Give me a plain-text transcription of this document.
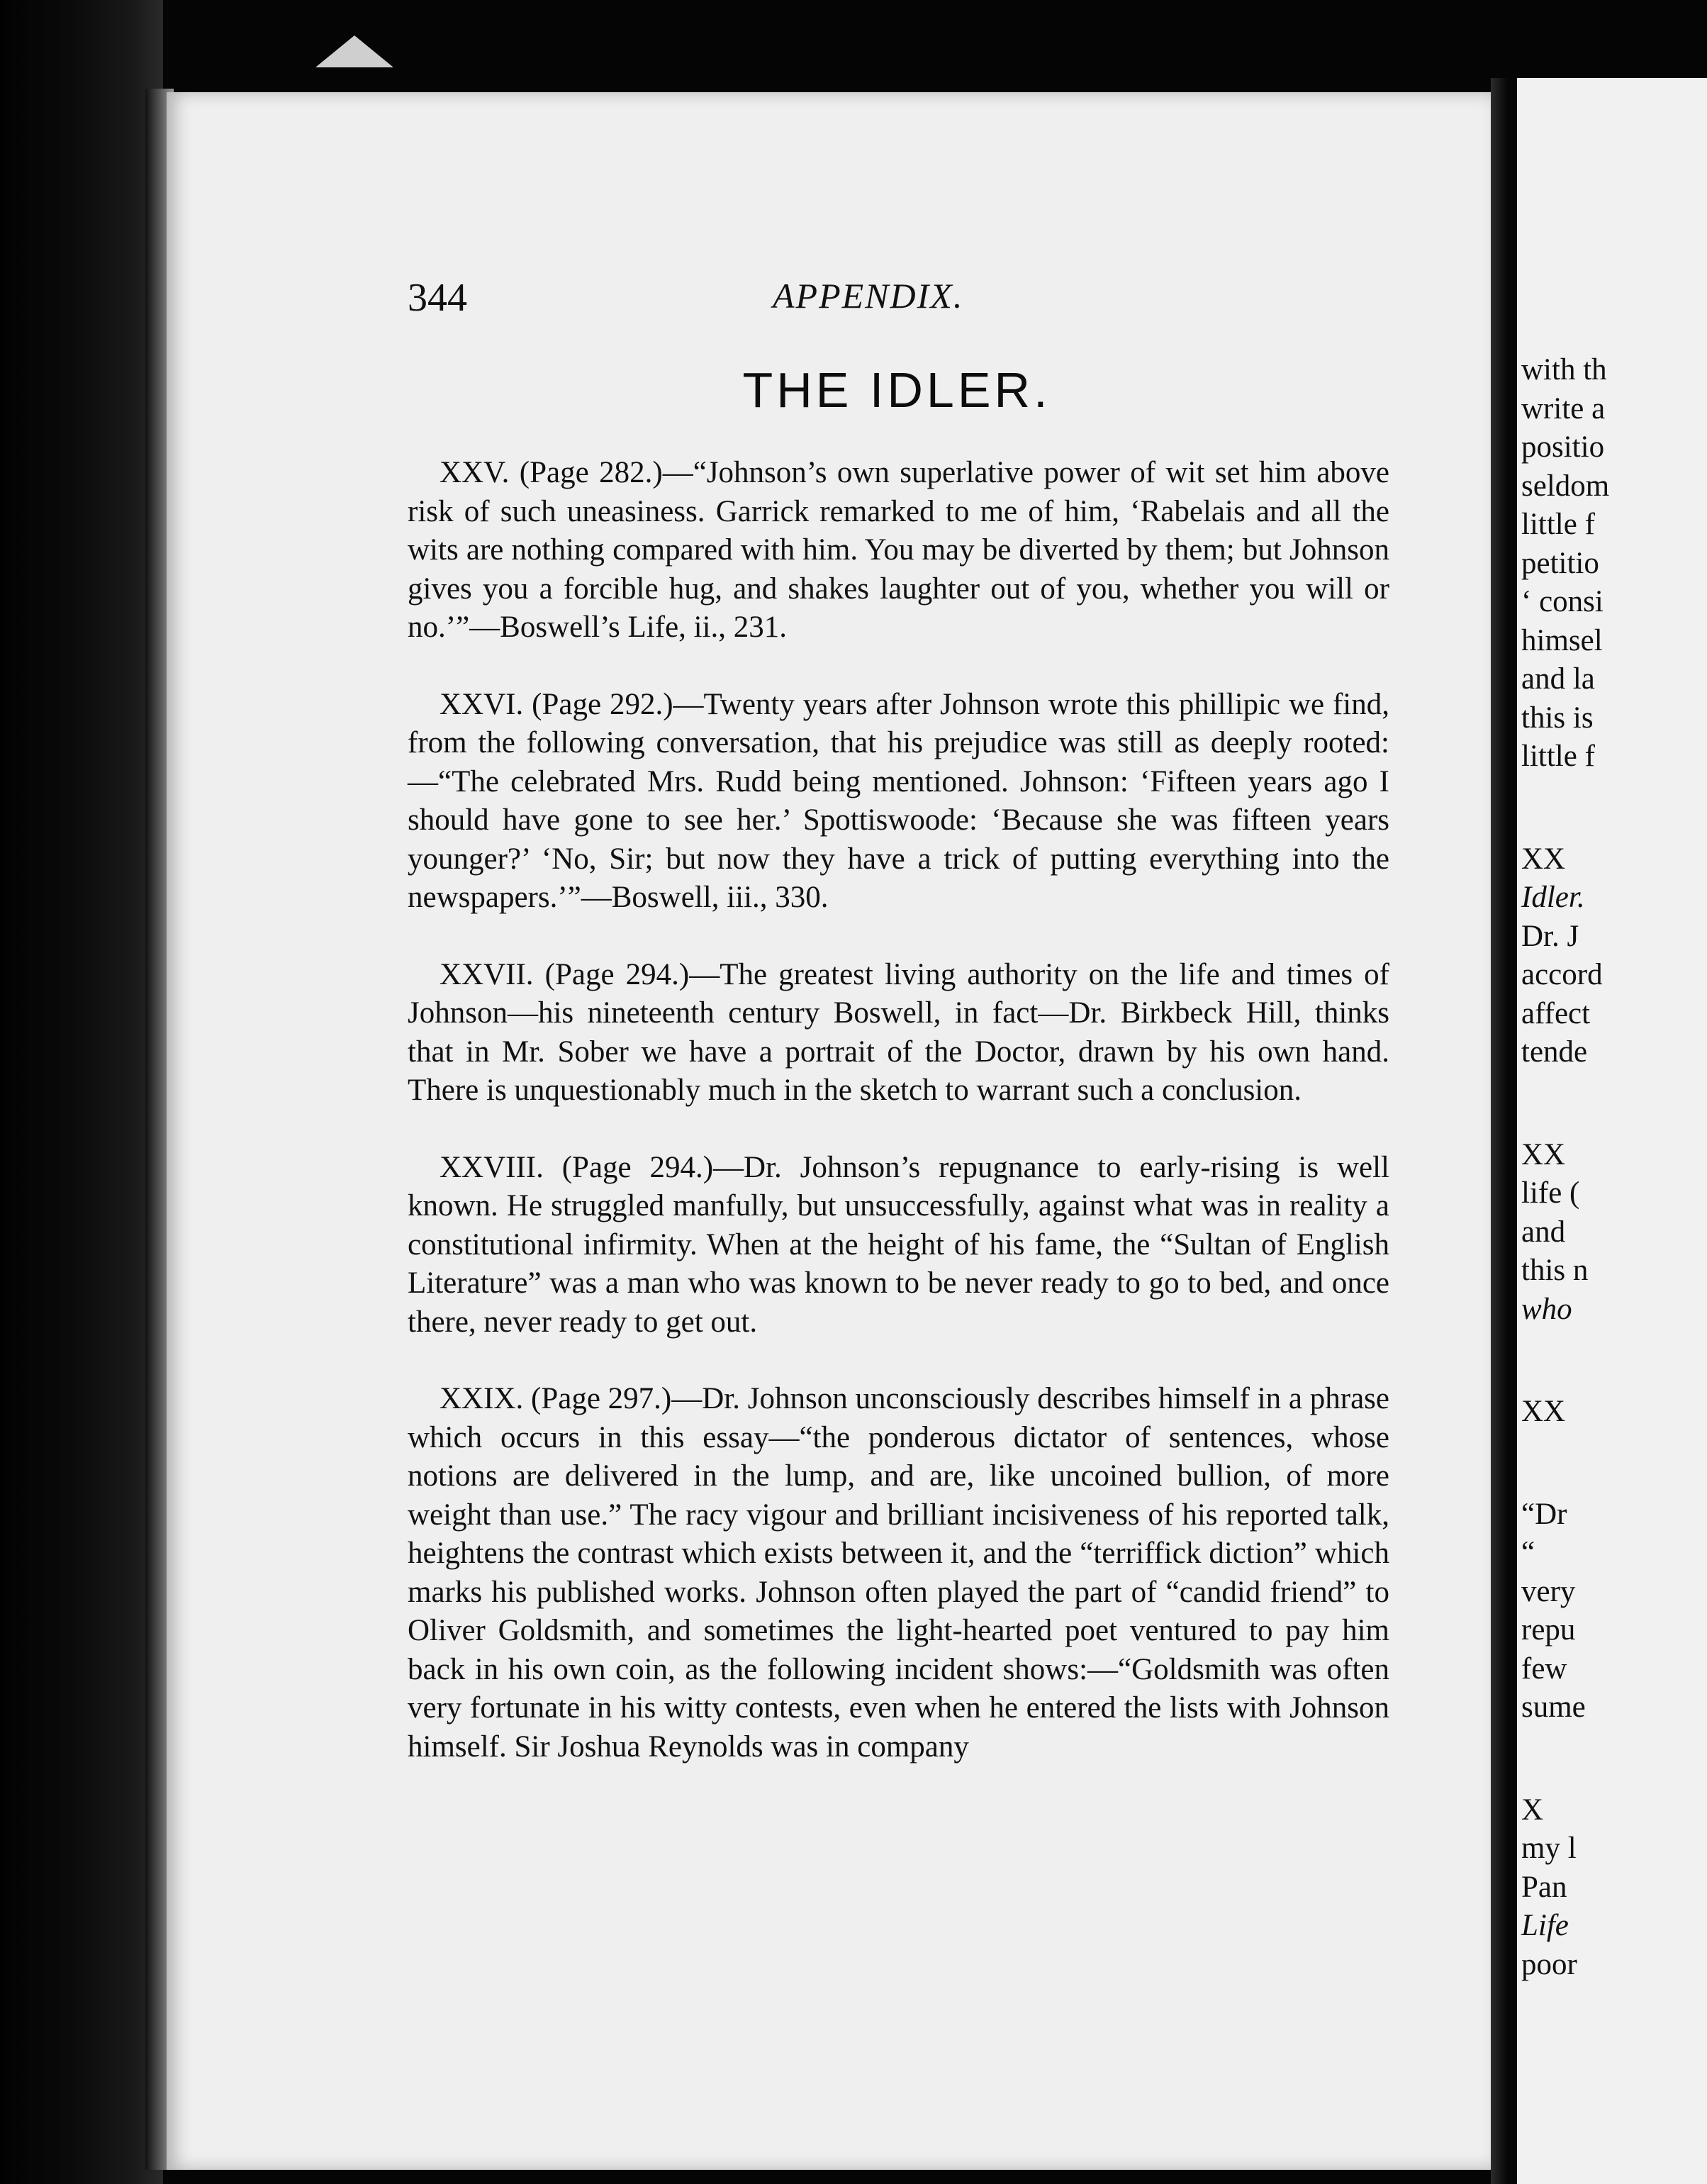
344	APPENDIX.
THE IDLER.

XXV. (Page 282.)—“Johnson’s own superlative power of wit set him above risk of such uneasiness. Garrick remarked to me of him, ‘Rabelais and all the wits are nothing compared with him. You may be diverted by them; but Johnson gives you a forcible hug, and shakes laughter out of you, whether you will or no.’”—Boswell’s Life, ii., 231.

XXVI. (Page 292.)—Twenty years after Johnson wrote this phillipic we find, from the following conversation, that his prejudice was still as deeply rooted:—“The celebrated Mrs. Rudd being mentioned. Johnson: ‘Fifteen years ago I should have gone to see her.’ Spottiswoode: ‘Because she was fifteen years younger?’ ‘No, Sir; but now they have a trick of putting everything into the newspapers.’”—Boswell, iii., 330.

XXVII. (Page 294.)—The greatest living authority on the life and times of Johnson—his nineteenth century Boswell, in fact—Dr. Birkbeck Hill, thinks that in Mr. Sober we have a portrait of the Doctor, drawn by his own hand. There is unquestionably much in the sketch to warrant such a conclusion.

XXVIII. (Page 294.)—Dr. Johnson’s repugnance to early-rising is well known. He struggled manfully, but unsuccessfully, against what was in reality a constitutional infirmity. When at the height of his fame, the “Sultan of English Literature” was a man who was known to be never ready to go to bed, and once there, never ready to get out.

XXIX. (Page 297.)—Dr. Johnson unconsciously describes himself in a phrase which occurs in this essay—“the ponderous dictator of sentences, whose notions are delivered in the lump, and are, like uncoined bullion, of more weight than use.” The racy vigour and brilliant incisiveness of his reported talk, heightens the contrast which exists between it, and the “terriffick diction” which marks his published works. Johnson often played the part of “candid friend” to Oliver Goldsmith, and sometimes the light-hearted poet ventured to pay him back in his own coin, as the following incident shows:—“Goldsmith was often very fortunate in his witty contests, even when he entered the lists with Johnson himself. Sir Joshua Reynolds was in company

with th
write a
positio
seldom
little f
petitio
‘ consi
himsel
and la
this is
little f
XX
Idler.
Dr. J
accord
affect
tende
XX
life (
and
this n
who
XX
“Dr
“
very
repu
few
sume
X
my l
Pan
Life
poor
